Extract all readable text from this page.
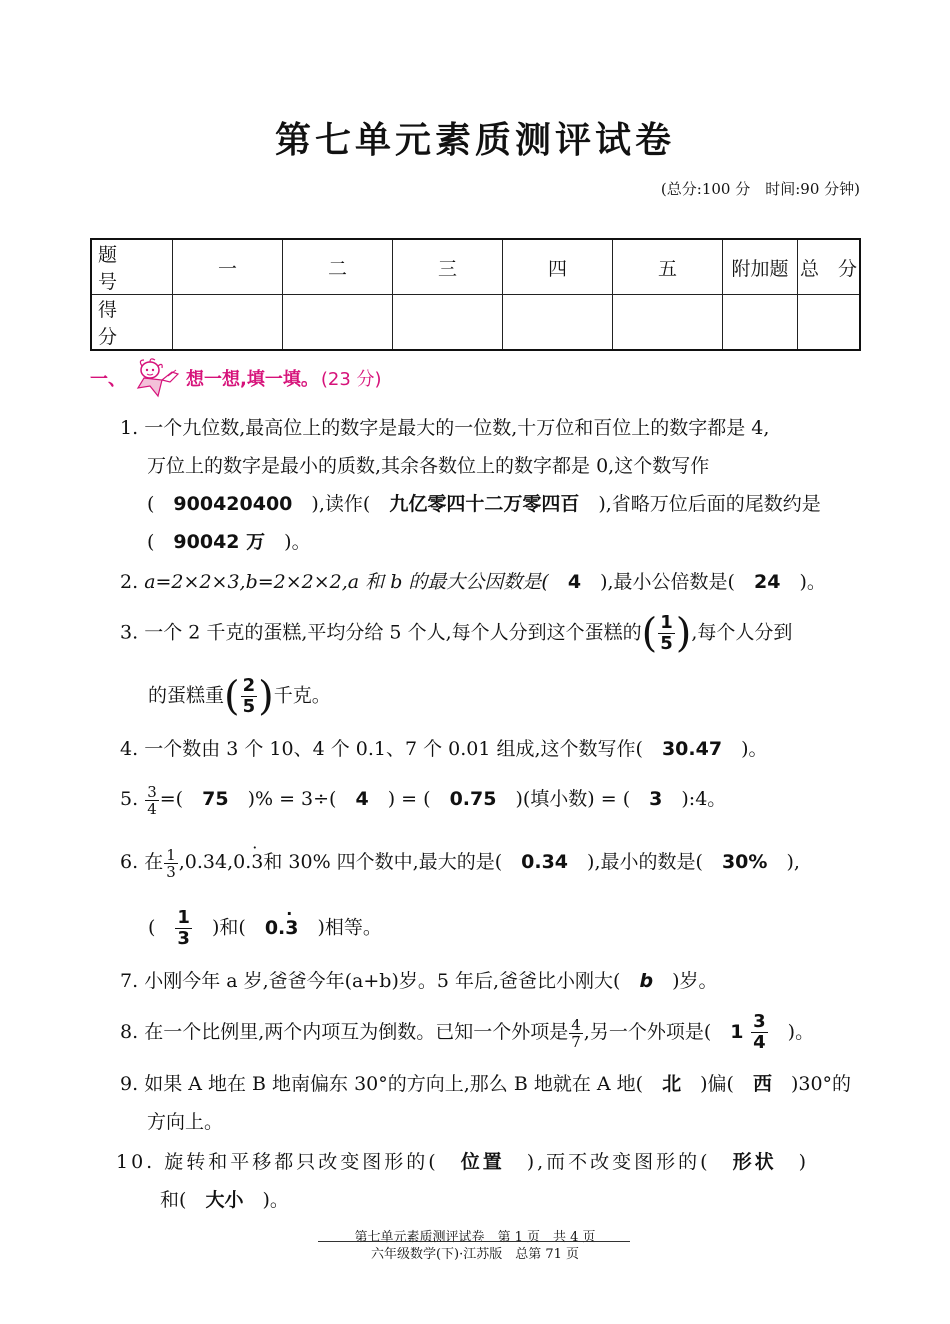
第七单元素质测评试卷
(总分:100 分　时间:90 分钟)
题　号	一	二	三	四	五	附加题	总　分
得　分							
一、	想一想,填一填。 (23 分)
1. 一个九位数,最高位上的数字是最大的一位数,十万位和百位上的数字都是 4,
万位上的数字是最小的质数,其余各数位上的数字都是 0,这个数写作
(　900420400　 ),读作(　 九亿零四十二万零四百　 ),省略万位后面的尾数约是
(　90042 万　 )。
2. a=2×2×3,b=2×2×2,a 和 b 的最大公因数是(　 4　 ),最小公倍数是(　 24　 )。
3. 一个 2 千克的蛋糕,平均分给 5 个人,每个人分到这个蛋糕的( $\frac{1}{5}$ ),每个人分到
的蛋糕重( $\frac{2}{5}$ )千克。
4. 一个数由 3 个 10、4 个 0.1、7 个 0.01 组成,这个数写作(　 30.47　 )。
5. $\frac{3}{4}$ =(　 75　 )% = 3÷(　 4　 ) = (　 0.75　 )(填小数) = (　 3　 ):4。
6. 在 $\frac{1}{3} ,0.34,0.\cdot 3$和 30% 四个数中,最大的是(　 0.34　 ),最小的数是(　 30%　 ),
(　 $\frac{1}{3}$
　 )和(　 0.· 3　 )相等。
7. 小刚今年 a 岁,爸爸今年(a+b)岁。5 年后,爸爸比小刚大(　 b　 )岁。
8. 在一个比例里,两个内项互为倒数。已知一个外项是 $\frac{4}{7}$ ,另一个外项是(　 $1 \frac{3}{4}$
　 )。
9. 如果 A 地在 B 地南偏东 30°的方向上,那么 B 地就在 A 地(　 北　 )偏(　 西　 )30°的
方向上。
10. 旋转和平移都只改变图形的(　 位置　 ),而不改变图形的(　 形状　 )
和(　 大小　 )。
第七单元素质测评试卷　第 1 页　共 4 页
六年级数学(下)·江苏版　总第 71 页
